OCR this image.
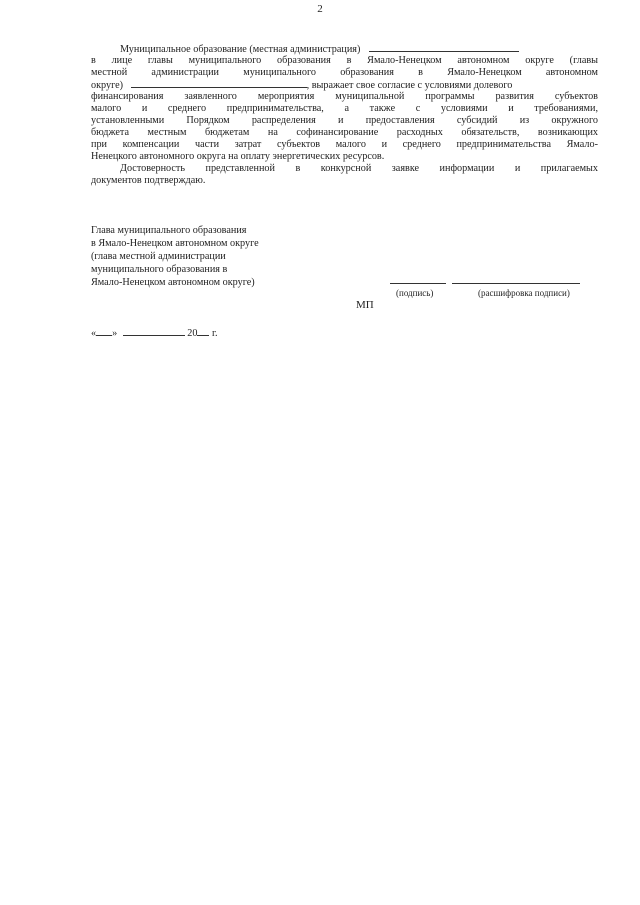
2
Муниципальное образование (местная администрация)
в лице главы муниципального образования в Ямало-Ненецком автономном округе (главы
местной администрации муниципального образования в Ямало-Ненецком автономном
округе)	, выражает свое согласие с условиями долевого
финансирования заявленного мероприятия муниципальной программы развития субъектов
малого и среднего предпринимательства, а также с условиями и требованиями,
установленными Порядком распределения и предоставления субсидий из окружного
бюджета местным бюджетам на софинансирование расходных обязательств, возникающих
при компенсации части затрат субъектов малого и среднего предпринимательства Ямало-
Ненецкого автономного округа на оплату энергетических ресурсов.
Достоверность представленной в конкурсной заявке информации и прилагаемых
документов подтверждаю.
Глава муниципального образования
в Ямало-Ненецком автономном округе
(глава местной администрации
муниципального образования в
Ямало-Ненецком автономном округе)
(подпись)	(расшифровка подписи)
МП
« »	20 г.
